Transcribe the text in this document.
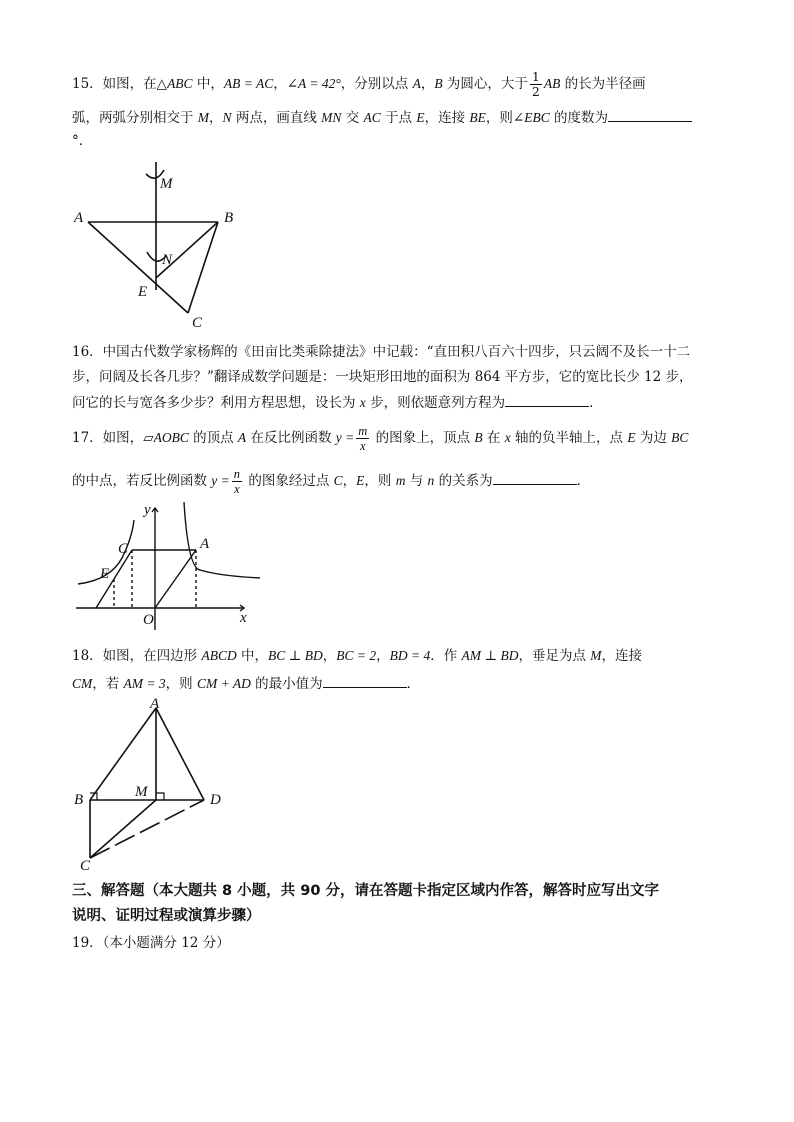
15．如图，在△ABC 中，AB = AC，∠A = 42°，分别以点 A，B 为圆心，大于 $\frac{1}{2}$ AB 的长为半径画
弧，两弧分别相交于 M，N 两点，画直线 MN 交 AC 于点 E，连接 BE，则∠EBC 的度数为
°．
M
A	B
N
E
C
16．中国古代数学家杨辉的《田亩比类乘除捷法》中记载：“直田积八百六十四步，只云阔不及长一十二
步，问阔及长各几步？”翻译成数学问题是：一块矩形田地的面积为 864 平方步，它的宽比长少 12 步，
问它的长与宽各多少步？利用方程思想，设长为 x 步，则依题意列方程为	．
17．如图，▱AOBC 的顶点 A 在反比例函数 $y = \frac{m}{x}$ 的图象上，顶点 B 在 x 轴的负半轴上，点 E 为边 BC
的中点，若反比例函数 $y = \frac{n}{x}$ 的图象经过点 C，E，则 m 与 n 的关系为	．
y
C	A
E
O	x
18．如图，在四边形 ABCD 中，BC ⊥ BD，BC = 2，BD = 4．作 AM ⊥ BD，垂足为点 M，连接
CM，若 AM = 3，则 CM + AD 的最小值为	．
A
B	M	D
C
三、解答题（本大题共 8 小题，共 90 分，请在答题卡指定区域内作答，解答时应写出文字
说明、证明过程或演算步骤）
19．（本小题满分 12 分）
